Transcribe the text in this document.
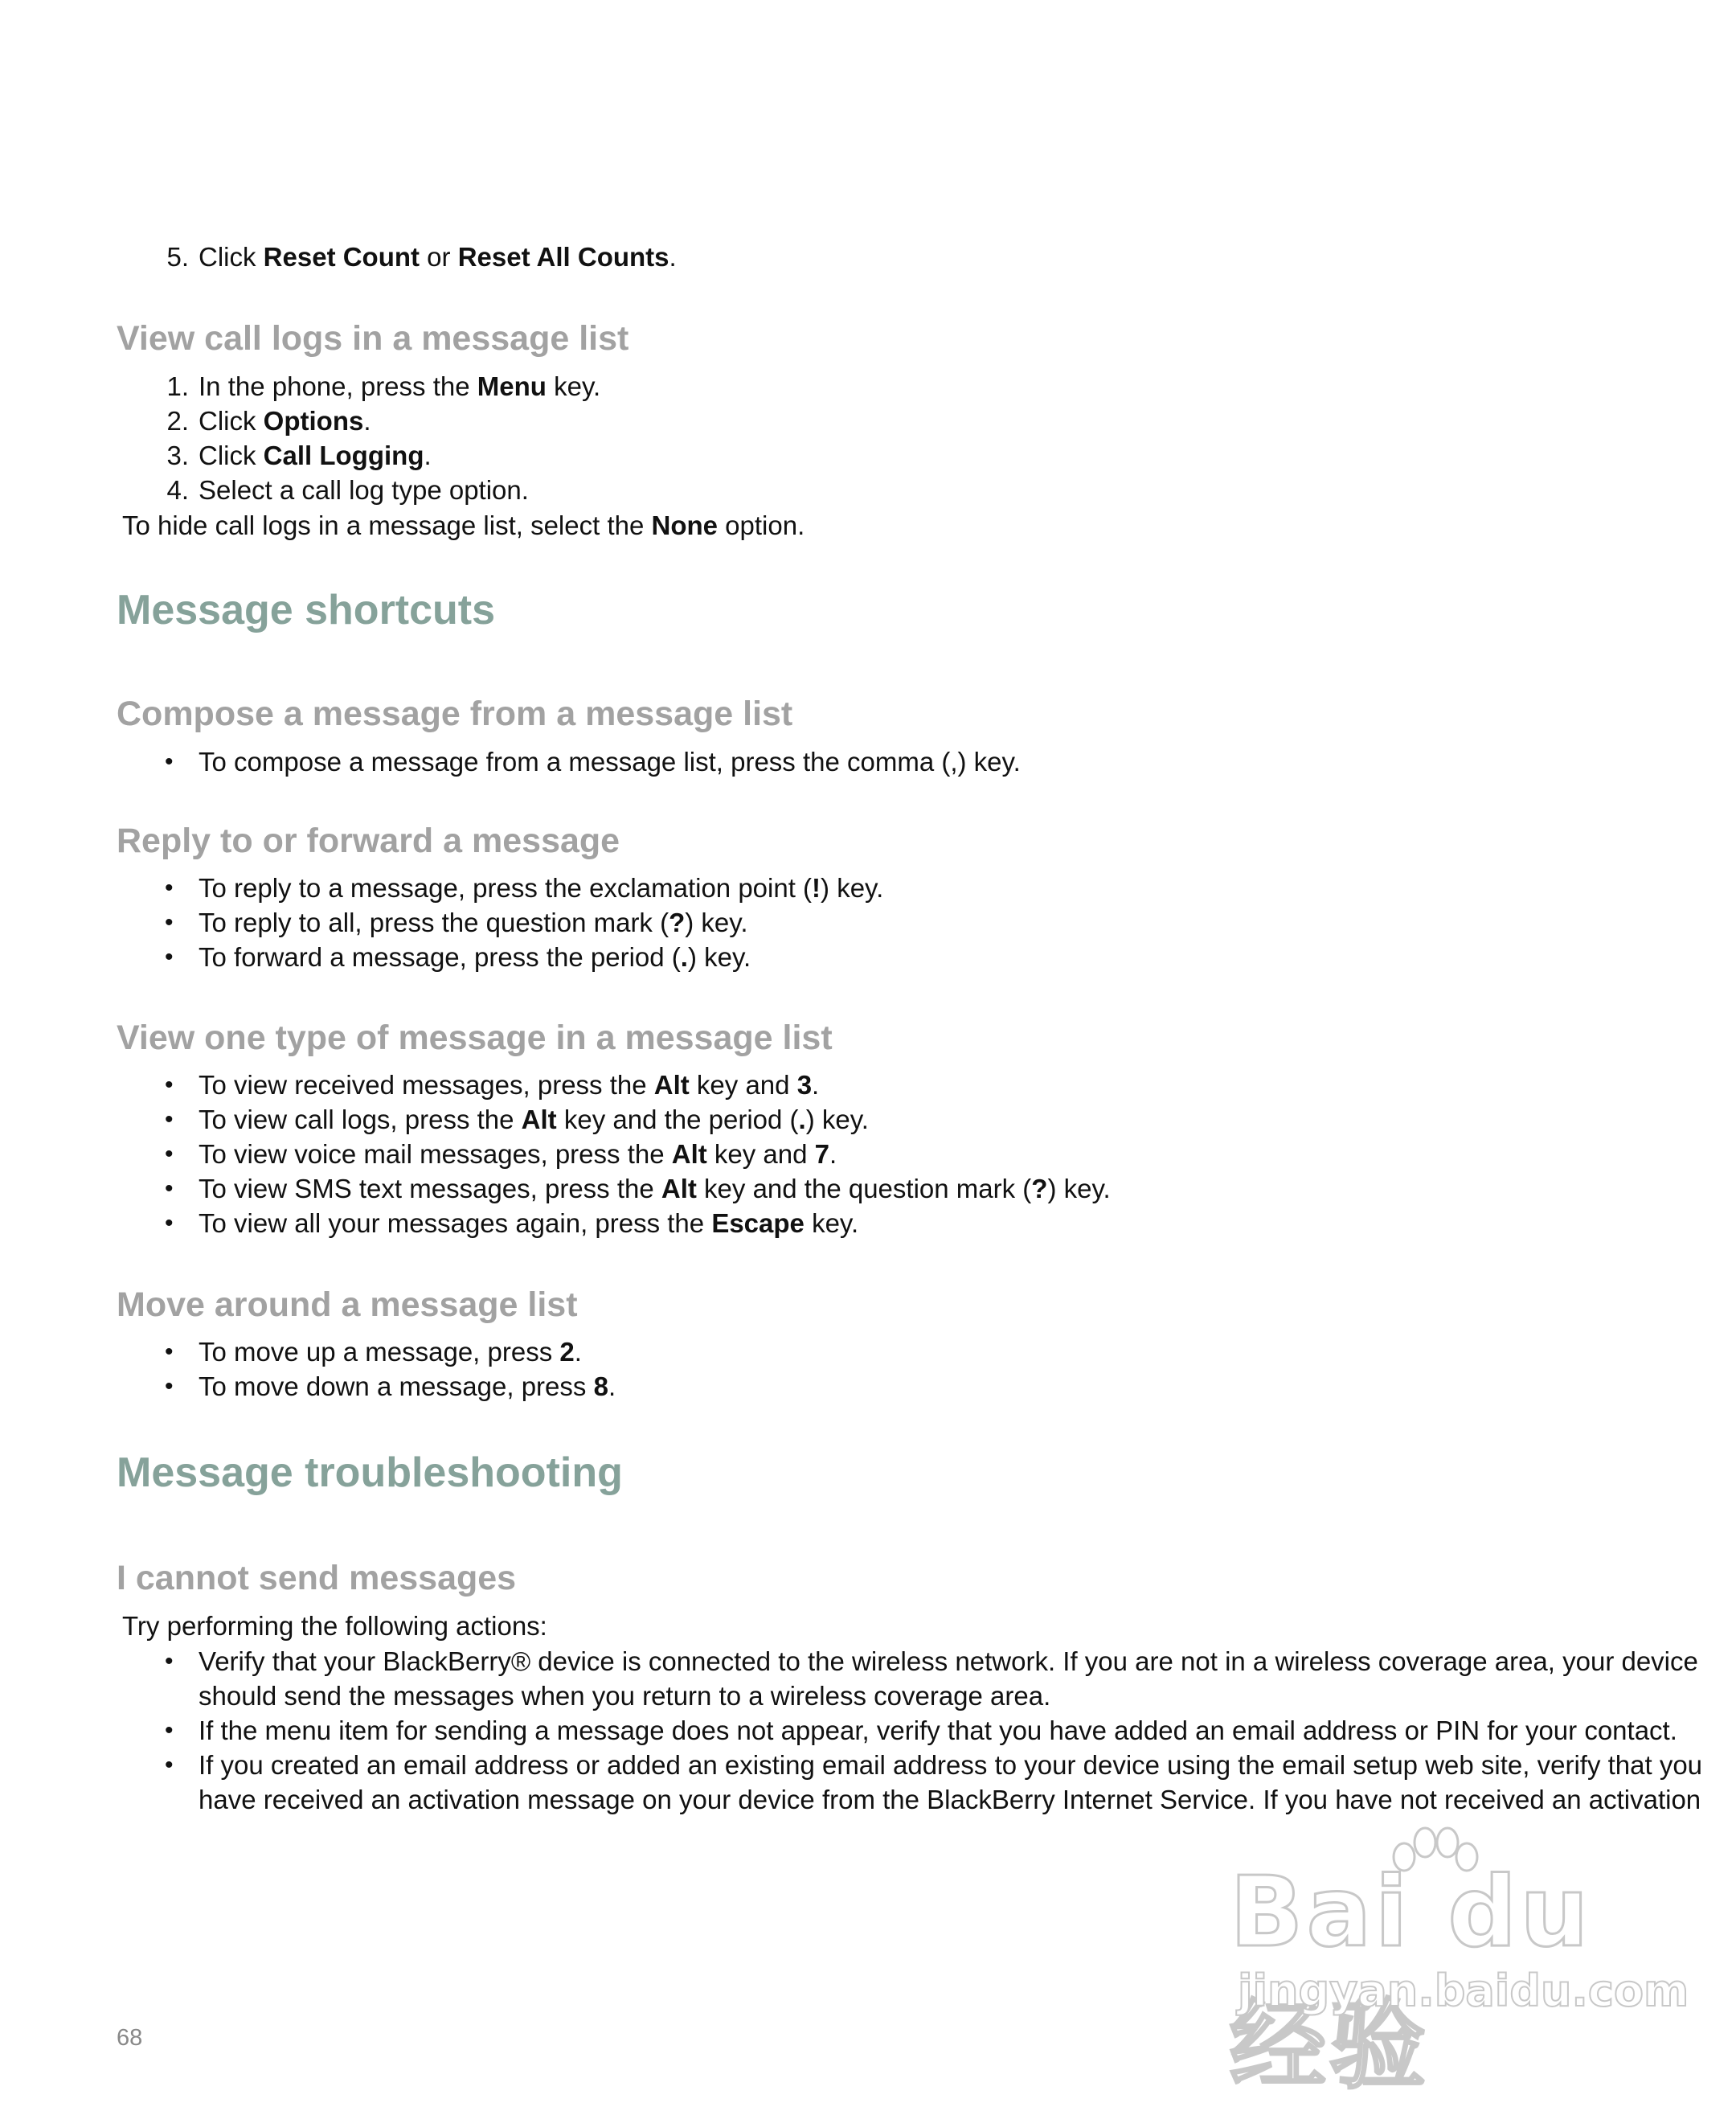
5. Click Reset Count or Reset All Counts.
View call logs in a message list
1. In the phone, press the Menu key.
2. Click Options.
3. Click Call Logging.
4. Select a call log type option.
To hide call logs in a message list, select the None option.
Message shortcuts
Compose a message from a message list
• To compose a message from a message list, press the comma (,) key.
Reply to or forward a message
• To reply to a message, press the exclamation point (!) key.
• To reply to all, press the question mark (?) key.
• To forward a message, press the period (.) key.
View one type of message in a message list
• To view received messages, press the Alt key and 3.
• To view call logs, press the Alt key and the period (.) key.
• To view voice mail messages, press the Alt key and 7.
• To view SMS text messages, press the Alt key and the question mark (?) key.
• To view all your messages again, press the Escape key.
Move around a message list
• To move up a message, press 2.
• To move down a message, press 8.
Message troubleshooting
I cannot send messages
Try performing the following actions:
• Verify that your BlackBerry® device is connected to the wireless network. If you are not in a wireless coverage area, your device should send the messages when you return to a wireless coverage area.
• If the menu item for sending a message does not appear, verify that you have added an email address or PIN for your contact.
• If you created an email address or added an existing email address to your device using the email setup web site, verify that you have received an activation message on your device from the BlackBerry Internet Service. If you have not received an activation
Bai du 经验
jingyan.baidu.com
68
